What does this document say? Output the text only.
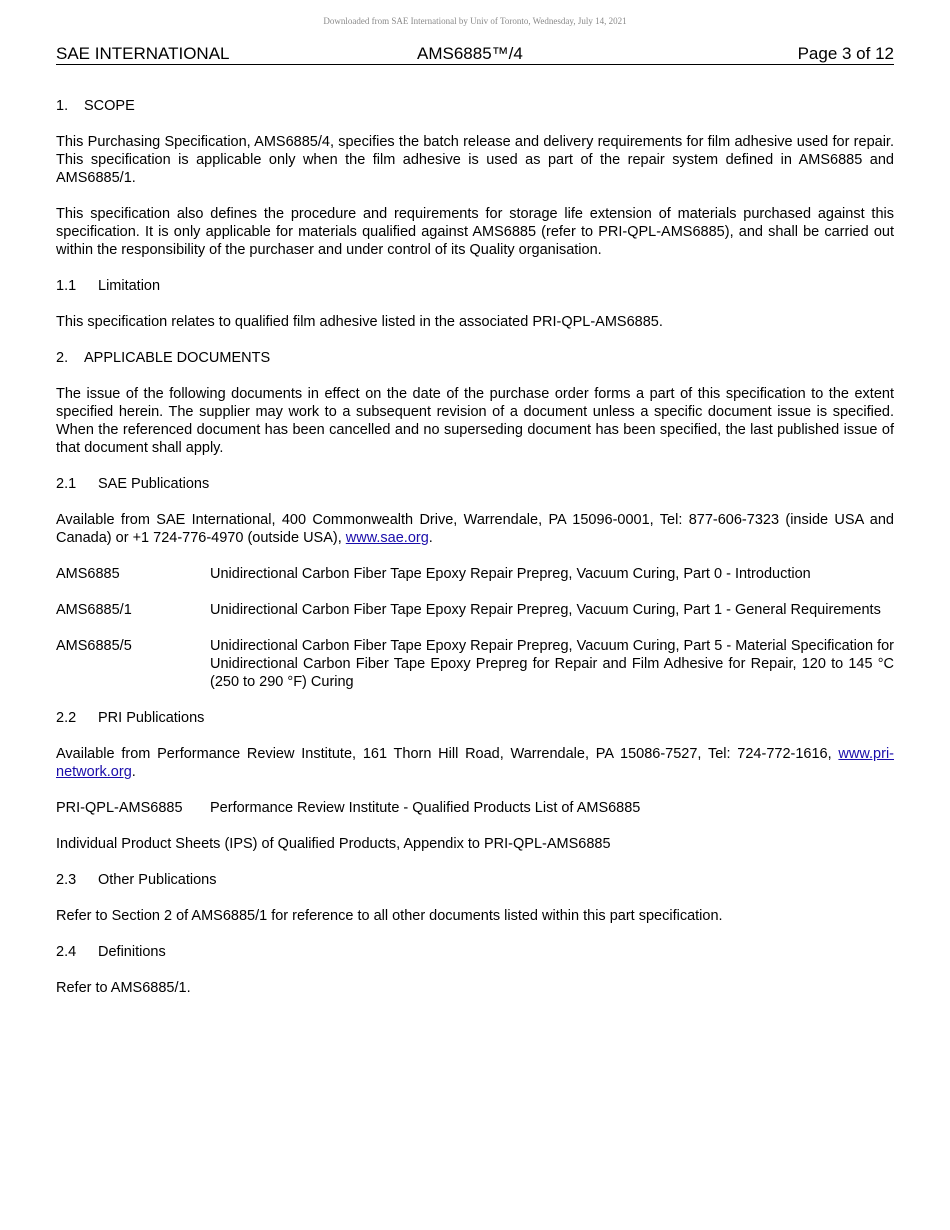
Downloaded from SAE International by Univ of Toronto, Wednesday, July 14, 2021
SAE INTERNATIONAL	AMS6885™/4	Page 3 of 12
1.	SCOPE

This Purchasing Specification, AMS6885/4, specifies the batch release and delivery requirements for film adhesive used for repair. This specification is applicable only when the film adhesive is used as part of the repair system defined in AMS6885 and AMS6885/1.

This specification also defines the procedure and requirements for storage life extension of materials purchased against this specification. It is only applicable for materials qualified against AMS6885 (refer to PRI-QPL-AMS6885), and shall be carried out within the responsibility of the purchaser and under control of its Quality organisation.

1.1	Limitation

This specification relates to qualified film adhesive listed in the associated PRI-QPL-AMS6885.

2.	APPLICABLE DOCUMENTS

The issue of the following documents in effect on the date of the purchase order forms a part of this specification to the extent specified herein. The supplier may work to a subsequent revision of a document unless a specific document issue is specified. When the referenced document has been cancelled and no superseding document has been specified, the last published issue of that document shall apply.

2.1	SAE Publications

Available from SAE International, 400 Commonwealth Drive, Warrendale, PA 15096-0001, Tel: 877-606-7323 (inside USA and Canada) or +1 724-776-4970 (outside USA), www.sae.org.

AMS6885	Unidirectional Carbon Fiber Tape Epoxy Repair Prepreg, Vacuum Curing, Part 0 - Introduction
AMS6885/1	Unidirectional Carbon Fiber Tape Epoxy Repair Prepreg, Vacuum Curing, Part 1 - General Requirements
AMS6885/5	Unidirectional Carbon Fiber Tape Epoxy Repair Prepreg, Vacuum Curing, Part 5 - Material Specification for Unidirectional Carbon Fiber Tape Epoxy Prepreg for Repair and Film Adhesive for Repair, 120 to 145 °C (250 to 290 °F) Curing
2.2	PRI Publications

Available from Performance Review Institute, 161 Thorn Hill Road, Warrendale, PA 15086-7527, Tel: 724-772-1616, www.pri-network.org.

PRI-QPL-AMS6885	Performance Review Institute - Qualified Products List of AMS6885

Individual Product Sheets (IPS) of Qualified Products, Appendix to PRI-QPL-AMS6885

2.3	Other Publications

Refer to Section 2 of AMS6885/1 for reference to all other documents listed within this part specification.

2.4	Definitions

Refer to AMS6885/1.
